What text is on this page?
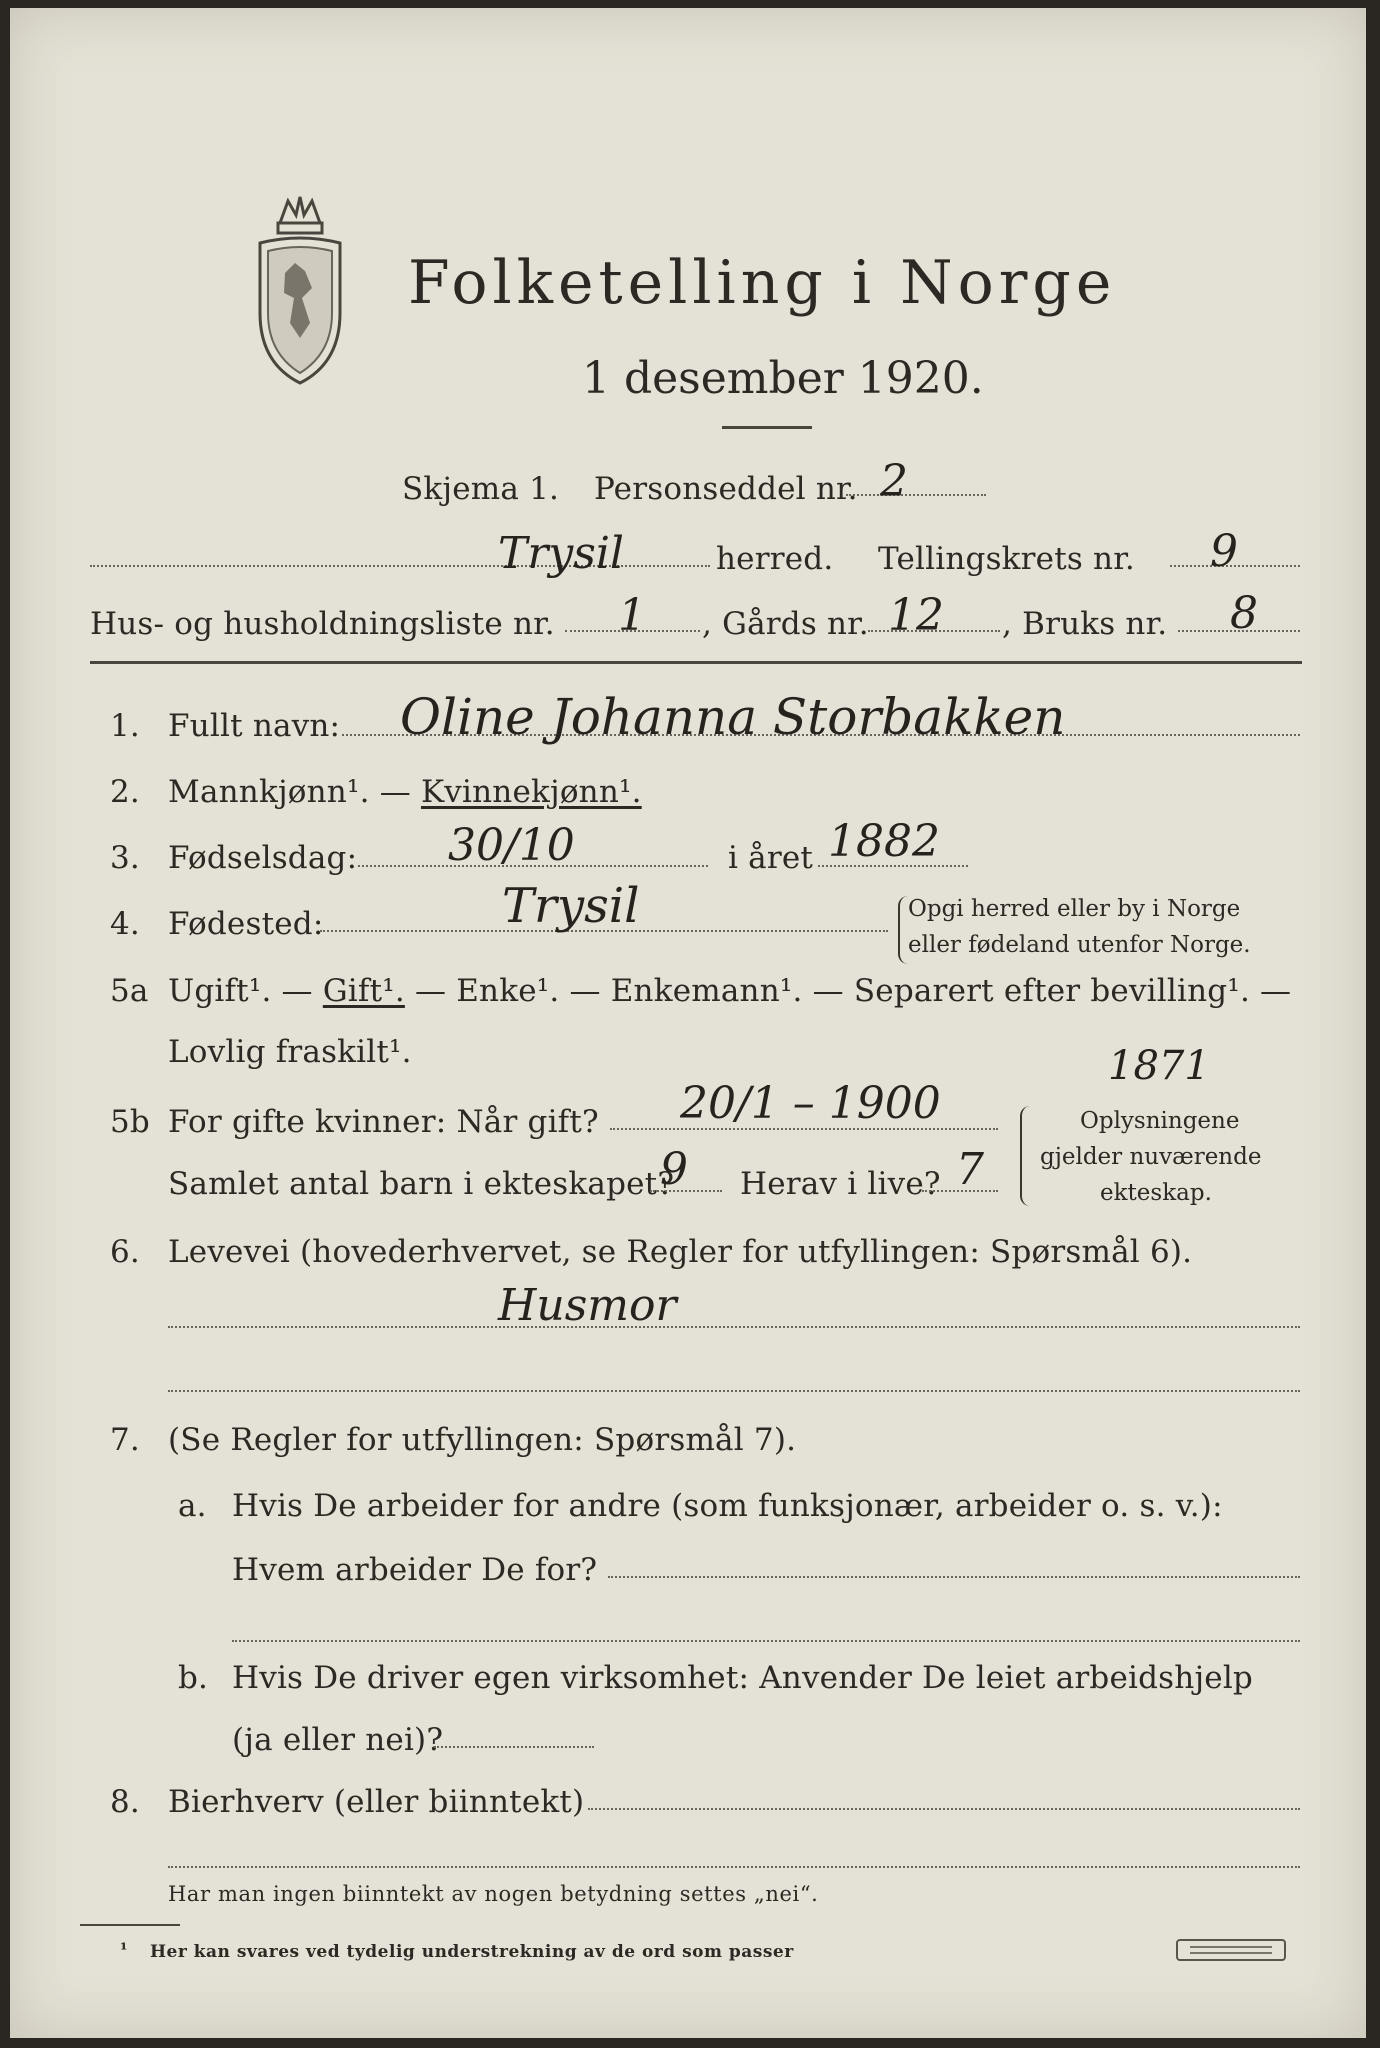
Folketelling i Norge
1 desember 1920.
Skjema 1. Personseddel nr. 2
Trysil	herred. Tellingskrets nr. 9
Hus- og husholdningsliste nr. 1 , Gårds nr. 12 , Bruks nr. 8
1. Fullt navn: Oline Johanna Storbakken
2. Mannkjønn¹. — Kvinnekjønn¹.
3. Fødselsdag: 30/10	i året 1882
4. Fødested:	Trysil	Opgi herred eller by i Norge
eller fødeland utenfor Norge.
5a Ugift¹. — Gift¹. — Enke¹. — Enkemann¹. — Separert efter bevilling¹. —
Lovlig fraskilt¹.	1871
5b For gifte kvinner: Når gift? 20/1 – 1900
Samlet antal barn i ekteskapet?
9 Herav i live? 7
Oplysningene
gjelder nuværende
ekteskap.
6. Levevei (hovederhvervet, se Regler for utfyllingen: Spørsmål 6).
Husmor
7. (Se Regler for utfyllingen: Spørsmål 7).
a. Hvis De arbeider for andre (som funksjonær, arbeider o. s. v.):
Hvem arbeider De for?
b. Hvis De driver egen virksomhet: Anvender De leiet arbeidshjelp
(ja eller nei)?
8. Bierhverv (eller biinntekt)
Har man ingen biinntekt av nogen betydning settes „nei“.
¹ Her kan svares ved tydelig understrekning av de ord som passer
